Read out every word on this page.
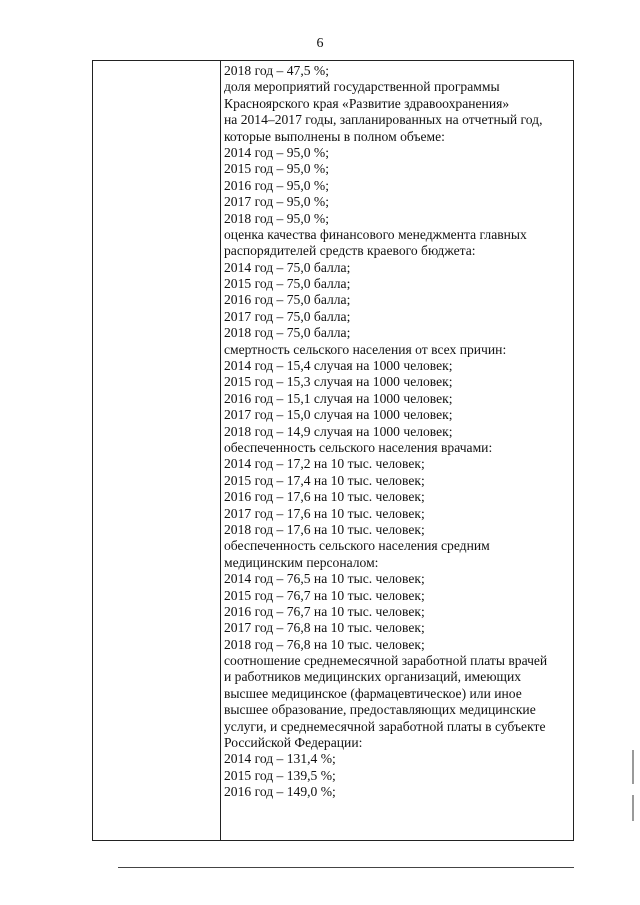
6
2018 год – 47,5 %;
доля мероприятий государственной программы
Красноярского края «Развитие здравоохранения»
на 2014–2017 годы, запланированных на отчетный год,
которые выполнены в полном объеме:
2014 год – 95,0 %;
2015 год – 95,0 %;
2016 год – 95,0 %;
2017 год – 95,0 %;
2018 год – 95,0 %;
оценка качества финансового менеджмента главных
распорядителей средств краевого бюджета:
2014 год – 75,0 балла;
2015 год – 75,0 балла;
2016 год – 75,0 балла;
2017 год – 75,0 балла;
2018 год – 75,0 балла;
смертность сельского населения от всех причин:
2014 год – 15,4 случая на 1000 человек;
2015 год – 15,3 случая на 1000 человек;
2016 год – 15,1 случая на 1000 человек;
2017 год – 15,0 случая на 1000 человек;
2018 год – 14,9 случая на 1000 человек;
обеспеченность сельского населения врачами:
2014 год – 17,2 на 10 тыс. человек;
2015 год – 17,4 на 10 тыс. человек;
2016 год – 17,6 на 10 тыс. человек;
2017 год – 17,6 на 10 тыс. человек;
2018 год – 17,6 на 10 тыс. человек;
обеспеченность сельского населения средним
медицинским персоналом:
2014 год – 76,5 на 10 тыс. человек;
2015 год – 76,7 на 10 тыс. человек;
2016 год – 76,7 на 10 тыс. человек;
2017 год – 76,8 на 10 тыс. человек;
2018 год – 76,8 на 10 тыс. человек;
соотношение среднемесячной заработной платы врачей
и работников медицинских организаций, имеющих
высшее медицинское (фармацевтическое) или иное
высшее образование, предоставляющих медицинские
услуги, и среднемесячной заработной платы в субъекте
Российской Федерации:
2014 год – 131,4 %;
2015 год – 139,5 %;
2016 год – 149,0 %;
